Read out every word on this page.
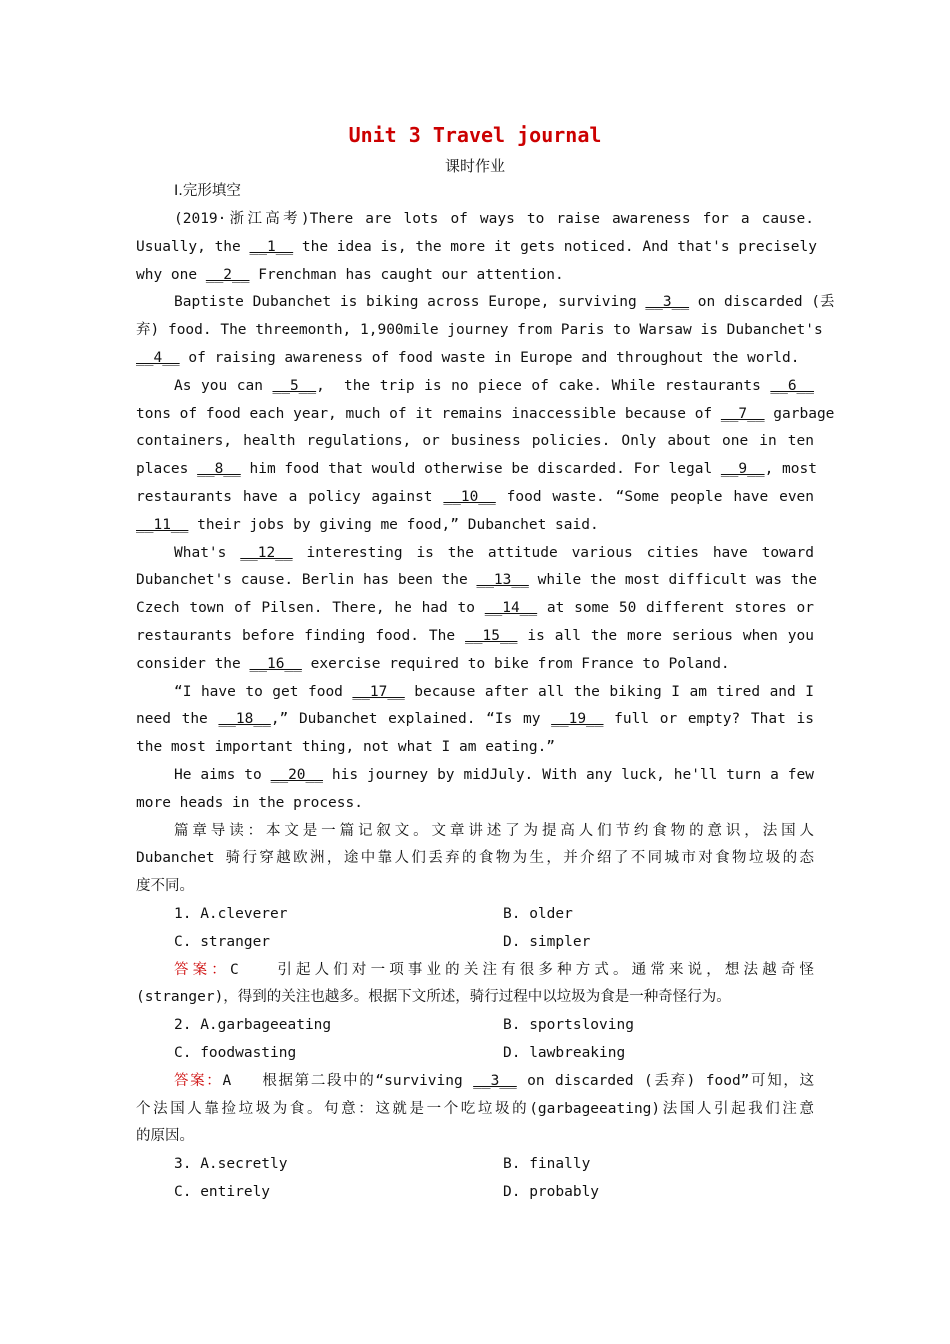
Unit 3 Travel journal
课时作业
Ⅰ.完形填空
(2019·浙江高考)There are lots of ways to raise awareness for a cause.
Usually, the __1__ the idea is, the more it gets noticed. And that's precisely
why one __2__ Frenchman has caught our attention.
Baptiste Dubanchet is biking across Europe, surviving __3__ on discarded (丢
弃) food. The threemonth, 1,900mile journey from Paris to Warsaw is Dubanchet's
__4__ of raising awareness of food waste in Europe and throughout the world.
As you can __5__,  the trip is no piece of cake. While restaurants __6__
tons of food each year, much of it remains inaccessible because of __7__ garbage
containers, health regulations, or business policies. Only about one in ten
places __8__ him food that would otherwise be discarded. For legal __9__, most
restaurants have a policy against __10__ food waste. “Some people have even
__11__ their jobs by giving me food,” Dubanchet said.
What's __12__ interesting is the attitude various cities have toward
Dubanchet's cause. Berlin has been the __13__ while the most difficult was the
Czech town of Pilsen. There, he had to __14__ at some 50 different stores or
restaurants before finding food. The __15__ is all the more serious when you
consider the __16__ exercise required to bike from France to Poland.
“I have to get food __17__ because after all the biking I am tired and I
need the __18__,” Dubanchet explained. “Is my __19__ full or empty? That is
the most important thing, not what I am eating.”
He aims to __20__ his journey by midJuly. With any luck, he'll turn a few
more heads in the process.
篇章导读：本文是一篇记叙文。文章讲述了为提高人们节约食物的意识，法国人
Dubanchet 骑行穿越欧洲，途中靠人们丢弃的食物为生，并介绍了不同城市对食物垃圾的态
度不同。
1. A.cleverer	B. older
C. stranger	D. simpler
答案：C   引起人们对一项事业的关注有很多种方式。通常来说，想法越奇怪
(stranger)，得到的关注也越多。根据下文所述，骑行过程中以垃圾为食是一种奇怪行为。
2. A.garbageeating	B. sportsloving
C. foodwasting	D. lawbreaking
答案：A   根据第二段中的“surviving __3__ on discarded (丢弃) food”可知，这
个法国人靠捡垃圾为食。句意：这就是一个吃垃圾的(garbageeating)法国人引起我们注意
的原因。
3. A.secretly	B. finally
C. entirely	D. probably
